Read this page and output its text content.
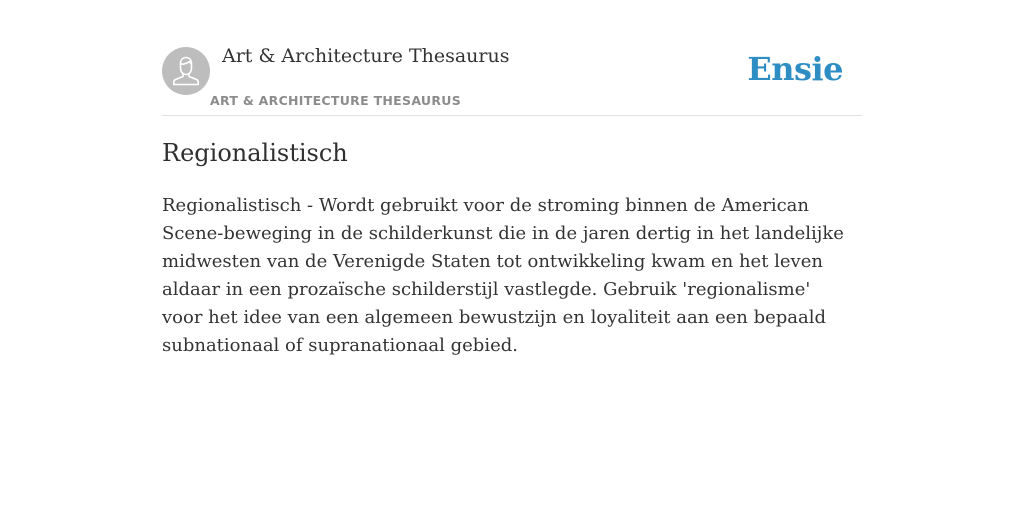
Art & Architecture Thesaurus
ART & ARCHITECTURE THESAURUS
Ensie
Regionalistisch

Regionalistisch - Wordt gebruikt voor de stroming binnen de American Scene-beweging in de schilderkunst die in de jaren dertig in het landelijke midwesten van de Verenigde Staten tot ontwikkeling kwam en het leven aldaar in een prozaïsche schilderstijl vastlegde. Gebruik 'regionalisme' voor het idee van een algemeen bewustzijn en loyaliteit aan een bepaald subnationaal of supranationaal gebied.
